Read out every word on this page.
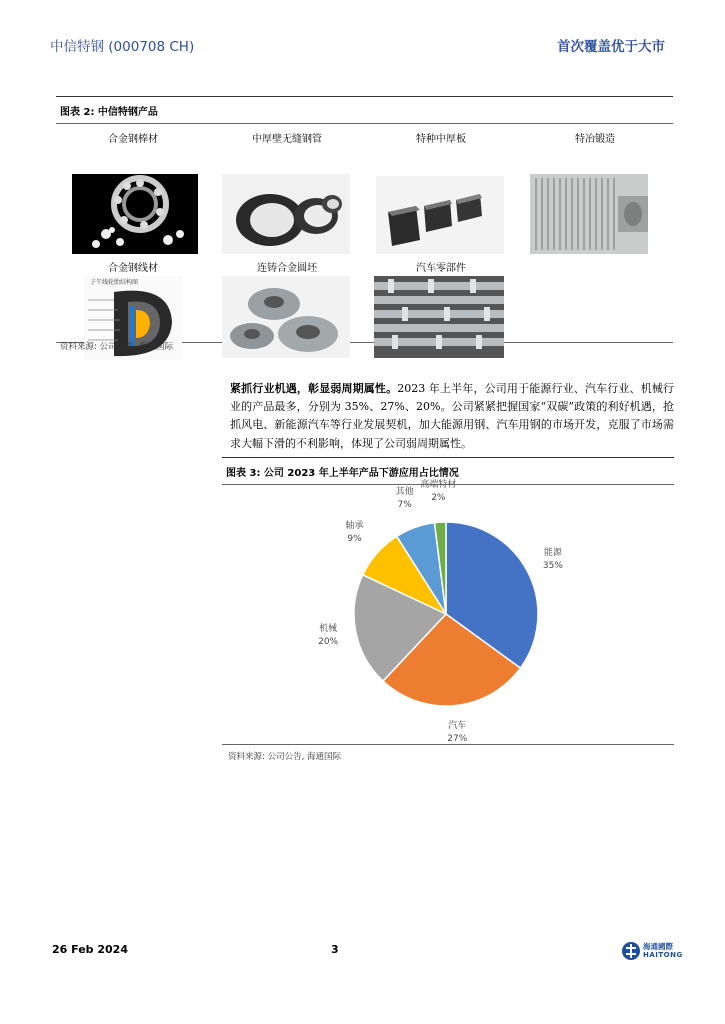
中信特钢 (000708 CH)	首次覆盖优于大市
图表 2: 中信特钢产品
合金钢棒材	中厚壁无缝钢管	特种中厚板	特冶锻造
合金钢线材	连铸合金圆坯	汽车零部件
子午线轮胎结构图
资料来源: 公司公告, 海通国际
紧抓行业机遇，彰显弱周期属性。2023 年上半年，公司用于能源行业、汽车行业、机械行业的产品最多，分别为 35%、27%、20%。公司紧紧把握国家“双碳”政策的利好机遇，抢抓风电、新能源汽车等行业发展契机，加大能源用钢、汽车用钢的市场开发，克服了市场需求大幅下滑的不利影响，体现了公司弱周期属性。
图表 3: 公司 2023 年上半年产品下游应用占比情况
能源
35%
汽车
27%
机械
20%
轴承
9%
其他
7%
高端特材
2%
资料来源: 公司公告, 海通国际
26 Feb 2024	3	海通國際
HAITONG
